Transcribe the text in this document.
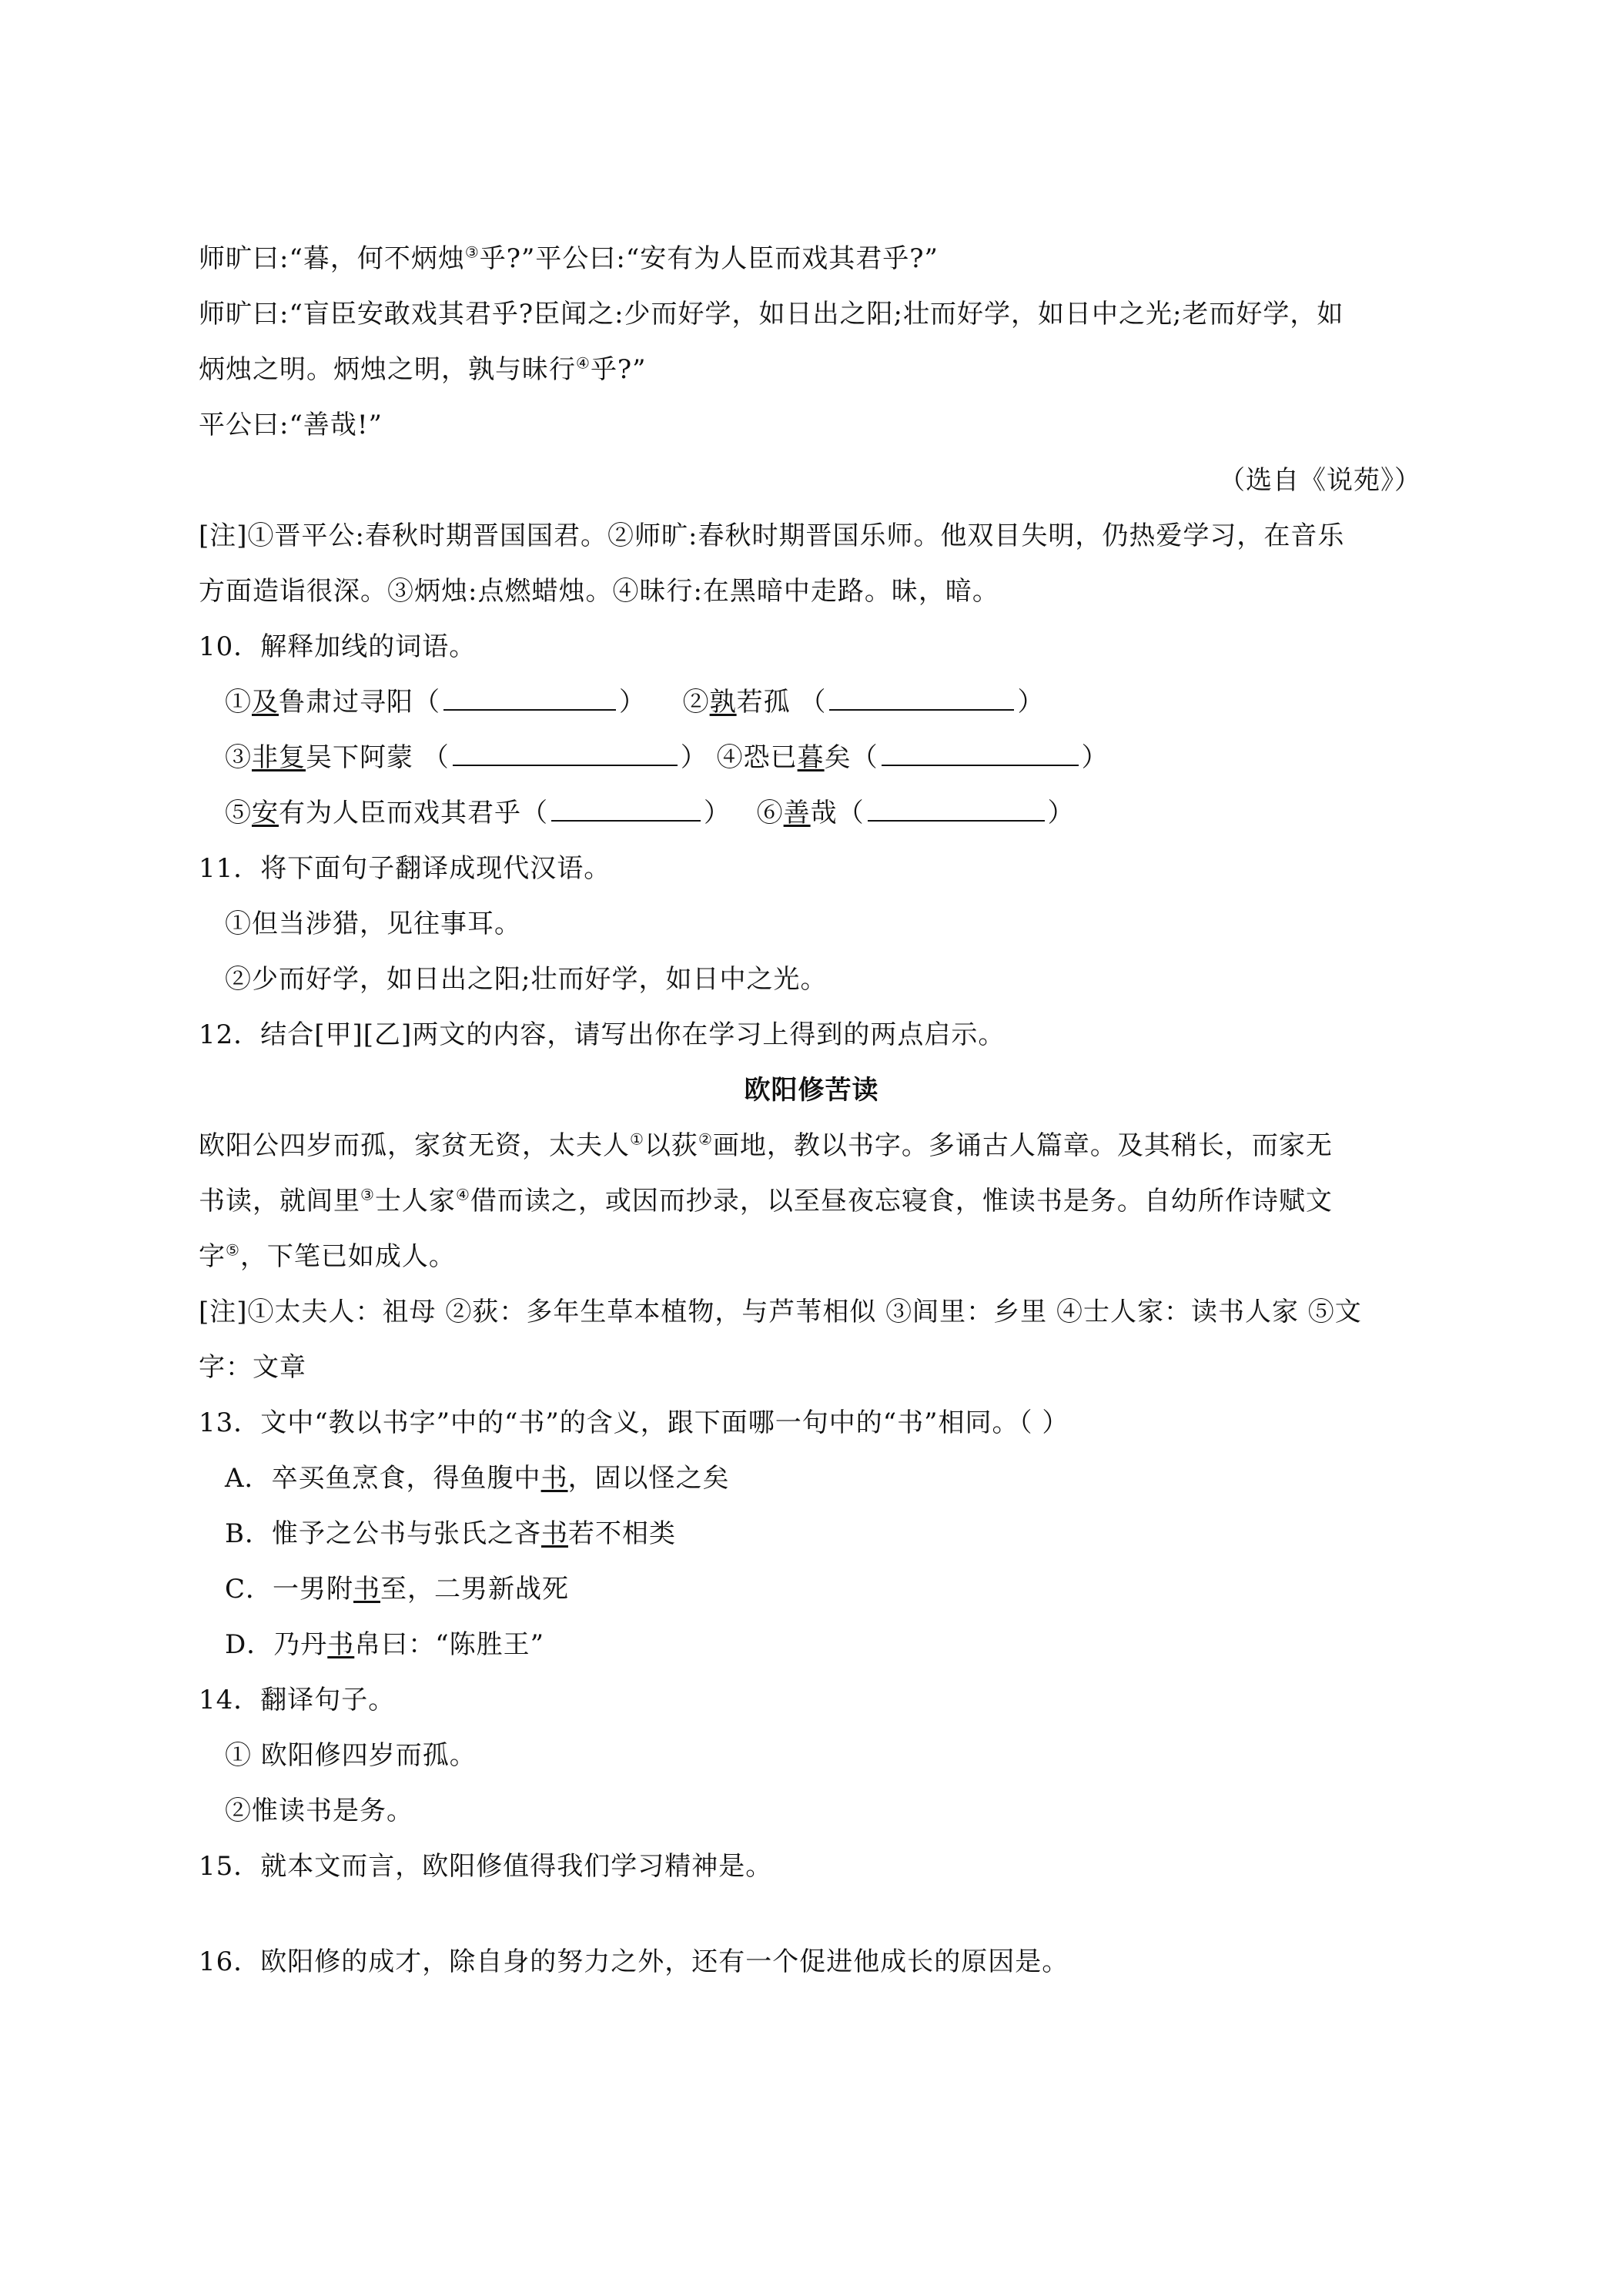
师旷曰:“暮，何不炳烛③乎?”平公曰:“安有为人臣而戏其君乎?”
师旷曰:“盲臣安敢戏其君乎?臣闻之:少而好学，如日出之阳;壮而好学，如日中之光;老而好学，如
炳烛之明。炳烛之明，孰与昧行④乎?”
平公曰:“善哉!”
（选自《说苑》）
[注]①晋平公:春秋时期晋国国君。②师旷:春秋时期晋国乐师。他双目失明，仍热爱学习，在音乐
方面造诣很深。③炳烛:点燃蜡烛。④昧行:在黑暗中走路。昧，暗。
10．解释加线的词语。
①及鲁肃过寻阳（	） ②孰若孤 （	）
③非复吴下阿蒙 （	） ④恐已暮矣（	）
⑤安有为人臣而戏其君乎（	） ⑥善哉（	）
11．将下面句子翻译成现代汉语。
①但当涉猎，见往事耳。
②少而好学，如日出之阳;壮而好学，如日中之光。
12．结合[甲][乙]两文的内容，请写出你在学习上得到的两点启示。
欧阳修苦读
欧阳公四岁而孤，家贫无资，太夫人①以荻②画地，教以书字。多诵古人篇章。及其稍长，而家无
书读，就闾里③士人家④借而读之，或因而抄录，以至昼夜忘寝食，惟读书是务。自幼所作诗赋文
字⑤，下笔已如成人。
[注]①太夫人：祖母 ②荻：多年生草本植物，与芦苇相似 ③闾里：乡里 ④士人家：读书人家 ⑤文
字：文章
13．文中“教以书字”中的“书”的含义，跟下面哪一句中的“书”相同。（ ）
A．卒买鱼烹食，得鱼腹中书，固以怪之矣
B．惟予之公书与张氏之吝书若不相类
C．一男附书至，二男新战死
D．乃丹书帛曰：“陈胜王”
14．翻译句子。
① 欧阳修四岁而孤。
②惟读书是务。
15．就本文而言，欧阳修值得我们学习精神是。
16．欧阳修的成才，除自身的努力之外，还有一个促进他成长的原因是。
